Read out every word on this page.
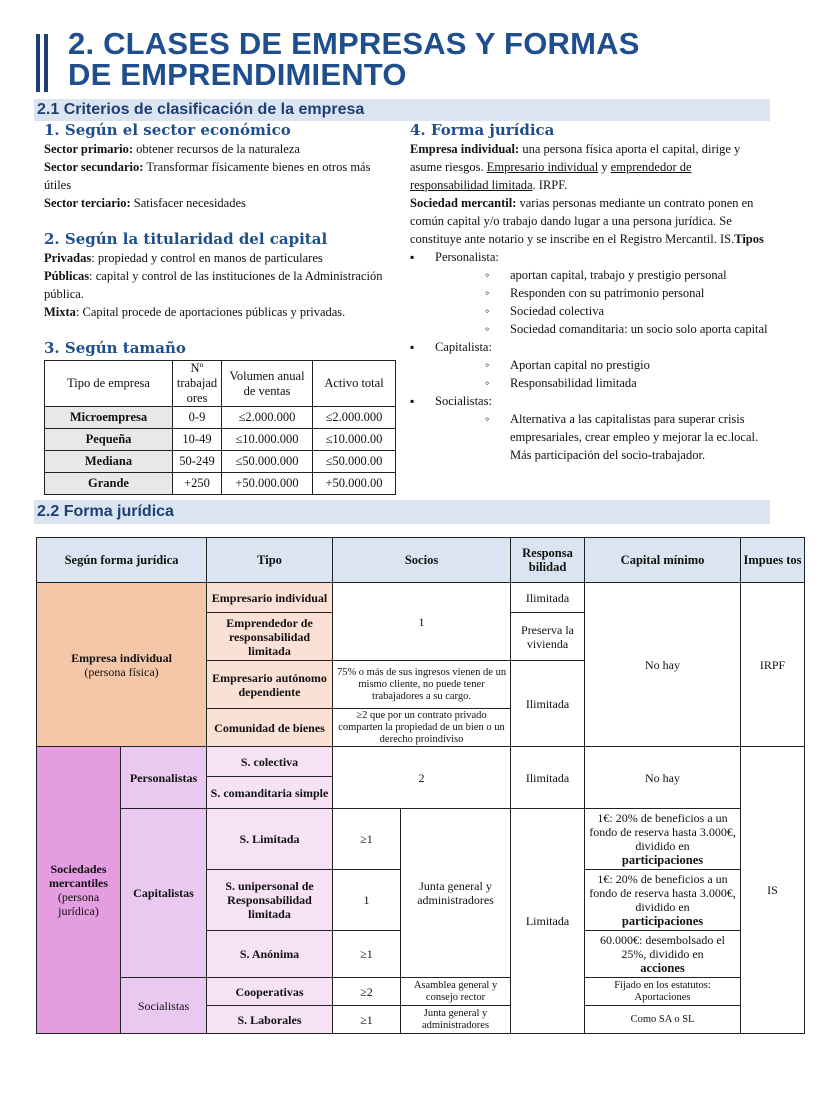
2. CLASES DE EMPRESAS Y FORMAS
DE EMPRENDIMIENTO
2.1 Criterios de clasificación de la empresa
1. Según el sector económico
Sector primario: obtener recursos de la naturaleza
Sector secundario: Transformar físicamente bienes en otros más útiles
Sector terciario: Satisfacer necesidades
2. Según la titularidad del capital
Privadas: propiedad y control en manos de particulares
Públicas: capital y control de las instituciones de la Administración pública.
Mixta: Capital procede de aportaciones públicas y privadas.
3. Según tamaño
Tipo de empresa	Nº trabajad ores	Volumen anual de ventas	Activo total
Microempresa	0-9	≤2.000.000	≤2.000.000
Pequeña	10-49	≤10.000.000	≤10.000.00
Mediana	50-249	≤50.000.000	≤50.000.00
Grande	+250	+50.000.000	+50.000.00
4. Forma jurídica
Empresa individual: una persona física aporta el capital, dirige y asume riesgos. Empresario individual y emprendedor de responsabilidad limitada. IRPF.
Sociedad mercantil: varias personas mediante un contrato ponen en común capital y/o trabajo dando lugar a una persona jurídica. Se constituye ante notario y se inscribe en el Registro Mercantil. IS.Tipos
▪ Personalista:
◦ aportan capital, trabajo y prestigio personal
◦ Responden con su patrimonio personal
◦ Sociedad colectiva
◦ Sociedad comanditaria: un socio solo aporta capital
▪ Capitalista:
◦ Aportan capital no prestigio
◦ Responsabilidad limitada
▪ Socialistas:
◦ Alternativa a las capitalistas para superar crisis empresariales, crear empleo y mejorar la ec.local. Más participación del socio-trabajador.
2.2 Forma jurídica
Según forma jurídica		Tipo	Socios		Responsa bilidad	Capital mínimo	Impues tos
Empresa individual
(persona física)		Empresario individual	1		Ilimitada	No hay	IRPF
		Emprendedor de responsabilidad limitada			Preserva la vivienda		
		Empresario autónomo dependiente	75% o más de sus ingresos vienen de un mismo cliente, no puede tener trabajadores a su cargo.		Ilimitada		
		Comunidad de bienes	≥2 que por un contrato privado comparten la propiedad de un bien o un derecho proindiviso				
Sociedades mercantiles
(persona jurídica)	Personalistas	S. colectiva	2		Ilimitada	No hay	IS
		S. comanditaria simple					
	Capitalistas	S. Limitada	≥1	Junta general y administradores	Limitada	1€: 20% de beneficios a un fondo de reserva hasta 3.000€, dividido en
participaciones	
		S. unipersonal de Responsabilidad limitada	1			1€: 20% de beneficios a un fondo de reserva hasta 3.000€, dividido en
participaciones	
		S. Anónima	≥1			60.000€: desembolsado el 25%, dividido en
acciones	
	Socialistas	Cooperativas	≥2	Asamblea general y consejo rector		Fijado en los estatutos: Aportaciones	
		S. Laborales	≥1	Junta general y administradores		Como SA o SL	
